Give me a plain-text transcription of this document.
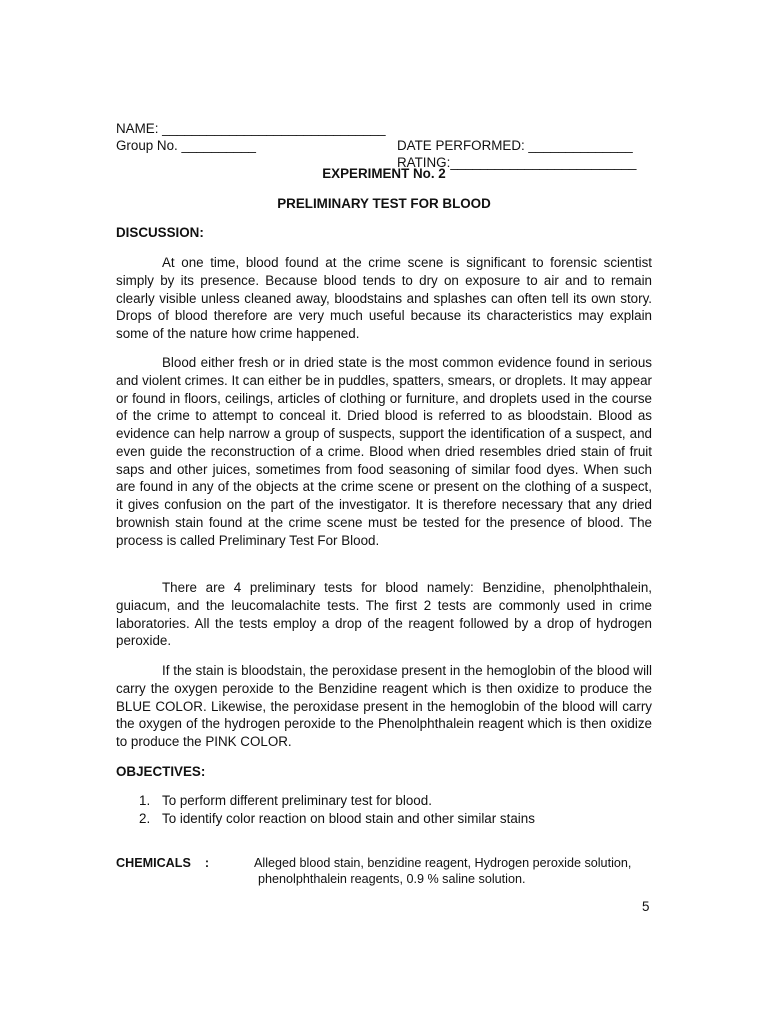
NAME: ______________________________

DATE PERFORMED: ______________

Group No. __________

RATING:_________________________

EXPERIMENT No. 2
PRELIMINARY TEST FOR BLOOD
DISCUSSION:

At one time, blood found at the crime scene is significant to forensic scientist simply by its presence. Because blood tends to dry on exposure to air and to remain clearly visible unless cleaned away, bloodstains and splashes can often tell its own story. Drops of blood therefore are very much useful because its characteristics may explain some of the nature how crime happened.

Blood either fresh or in dried state is the most common evidence found in serious and violent crimes. It can either be in puddles, spatters, smears, or droplets. It may appear or found in floors, ceilings, articles of clothing or furniture, and droplets used in the course of the crime to attempt to conceal it. Dried blood is referred to as bloodstain. Blood as evidence can help narrow a group of suspects, support the identification of a suspect, and even guide the reconstruction of a crime. Blood when dried resembles dried stain of fruit saps and other juices, sometimes from food seasoning of similar food dyes. When such are found in any of the objects at the crime scene or present on the clothing of a suspect, it gives confusion on the part of the investigator. It is therefore necessary that any dried brownish stain found at the crime scene must be tested for the presence of blood. The process is called Preliminary Test For Blood.

There are 4 preliminary tests for blood namely: Benzidine, phenolphthalein, guiacum, and the leucomalachite tests. The first 2 tests are commonly used in crime laboratories. All the tests employ a drop of the reagent followed by a drop of hydrogen peroxide.

If the stain is bloodstain, the peroxidase present in the hemoglobin of the blood will carry the oxygen peroxide to the Benzidine reagent which is then oxidize to produce the BLUE COLOR. Likewise, the peroxidase present in the hemoglobin of the blood will carry the oxygen of the hydrogen peroxide to the Phenolphthalein reagent which is then oxidize to produce the PINK COLOR.

OBJECTIVES:
1. To perform different preliminary test for blood.
2. To identify color reaction on blood stain and other similar stains
CHEMICALS    :	Alleged blood stain, benzidine reagent, Hydrogen peroxide solution,
phenolphthalein reagents, 0.9 % saline solution.
5
